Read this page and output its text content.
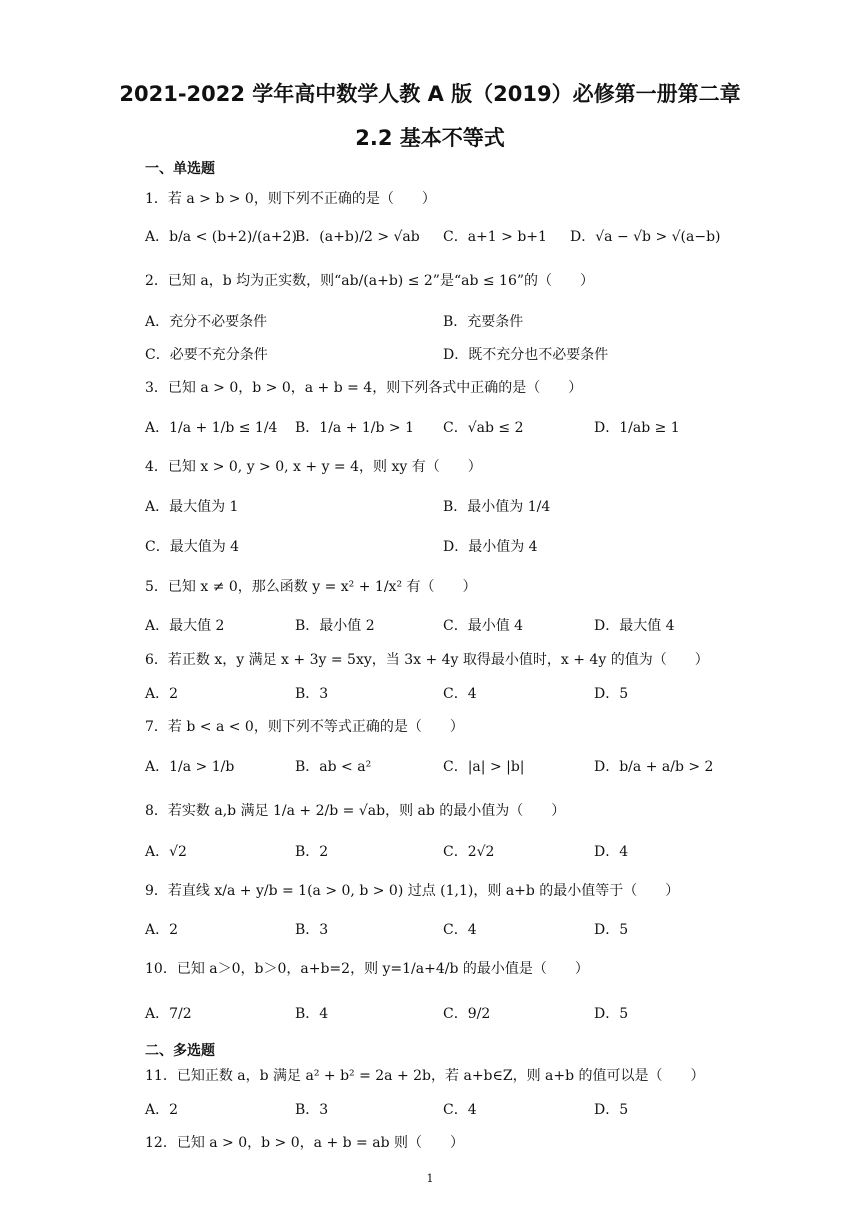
2021-2022 学年高中数学人教 A 版（2019）必修第一册第二章
2.2 基本不等式
一、单选题
1．若 a > b > 0，则下列不正确的是（　　）
A．b/a < (b+2)/(a+2)
B．(a+b)/2 > √ab C．a+1 > b+1 D．√a − √b > √(a−b)
2．已知 a，b 均为正实数，则“ab/(a+b) ≤ 2”是“ab ≤ 16”的（　　）
A．充分不必要条件	B．充要条件
C．必要不充分条件	D．既不充分也不必要条件
3．已知 a > 0，b > 0，a + b = 4，则下列各式中正确的是（　　）
A．1/a + 1/b ≤ 1/4 B．1/a + 1/b > 1 C．√ab ≤ 2	D．1/ab ≥ 1
4．已知 x > 0, y > 0, x + y = 4，则 xy 有（　　）
A．最大值为 1	B．最小值为 1/4
C．最大值为 4	D．最小值为 4
5．已知 x ≠ 0，那么函数 y = x² + 1/x² 有（　　）
A．最大值 2	B．最小值 2	C．最小值 4	D．最大值 4
6．若正数 x，y 满足 x + 3y = 5xy，当 3x + 4y 取得最小值时，x + 4y 的值为（　　）
A．2	B．3	C．4	D．5
7．若 b < a < 0，则下列不等式正确的是（　　）
A．1/a > 1/b	B．ab < a²	C．|a| > |b|	D．b/a + a/b > 2
8．若实数 a,b 满足 1/a + 2/b = √ab，则 ab 的最小值为（　　）
A．√2	B．2	C．2√2	D．4
9．若直线 x/a + y/b = 1(a > 0, b > 0) 过点 (1,1)，则 a+b 的最小值等于（　　）
A．2	B．3	C．4	D．5
10．已知 a＞0，b＞0，a+b=2，则 y=1/a+4/b 的最小值是（　　）
A．7/2	B．4	C．9/2	D．5
二、多选题
11．已知正数 a，b 满足 a² + b² = 2a + 2b，若 a+b∈Z，则 a+b 的值可以是（　　）
A．2	B．3	C．4	D．5
12．已知 a > 0，b > 0，a + b = ab 则（　　）
1
